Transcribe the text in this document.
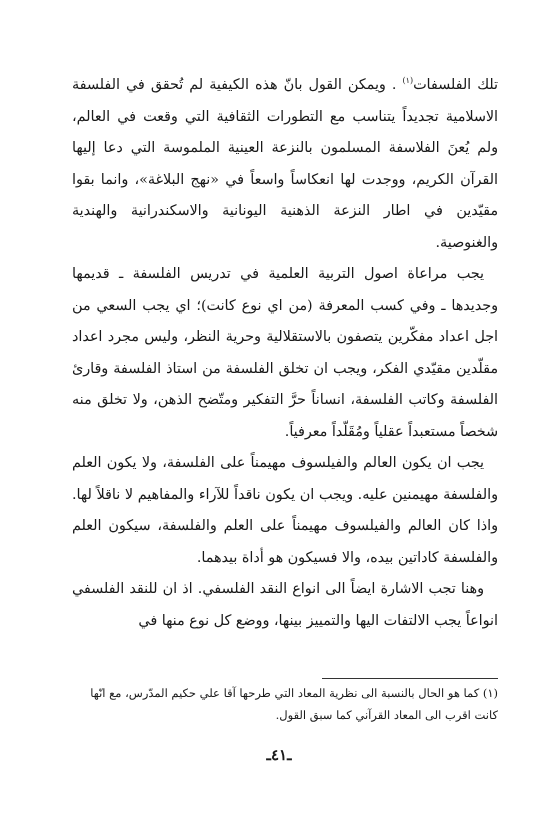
تلك الفلسفات$^{(١)}$ . ويمكن القول بانّ هذه الكيفية لم تُحقق في الفلسفة الاسلامية تجديداً يتناسب مع التطورات الثقافية التي وقعت في العالم، ولم يُعنَ الفلاسفة المسلمون بالنزعة العينية الملموسة التي دعا إليها القرآن الكريم، ووجدت لها انعكاساً واسعاً في «نهج البلاغة»، وانما بقوا مقيّدين في اطار النزعة الذهنية اليونانية والاسكندرانية والهندية والغنوصية.

يجب مراعاة اصول التربية العلمية في تدريس الفلسفة ـ قديمها وجديدها ـ وفي كسب المعرفة (من اي نوع كانت)؛ اي يجب السعي من اجل اعداد مفكّرين يتصفون بالاستقلالية وحرية النظر، وليس مجرد اعداد مقلّدين مقيّدي الفكر، ويجب ان تخلق الفلسفة من استاذ الفلسفة وقارئ الفلسفة وكاتب الفلسفة، انساناً حرَّ التفكير ومتّضح الذهن، ولا تخلق منه شخصاً مستعبداً عقلياً ومُقَلّداً معرفياً.

يجب ان يكون العالم والفيلسوف مهيمناً على الفلسفة، ولا يكون العلم والفلسفة مهيمنين عليه. ويجب ان يكون ناقداً للآراء والمفاهيم لا ناقلاً لها. واذا كان العالم والفيلسوف مهيمناً على العلم والفلسفة، سيكون العلم والفلسفة كاداتين بيده، والا فسيكون هو أداة بيدهما.

وهنا تجب الاشارة ايضاً الى انواع النقد الفلسفي. اذ ان للنقد الفلسفي انواعاً يجب الالتفات اليها والتمييز بينها، ووضع كل نوع منها في

(١) كما هو الحال بالنسبة الى نظرية المعاد التي طرحها آقا علي حكيم المدّرس، مع انّها
كانت اقرب الى المعاد القرآني كما سبق القول.
ـ٤١ـ
